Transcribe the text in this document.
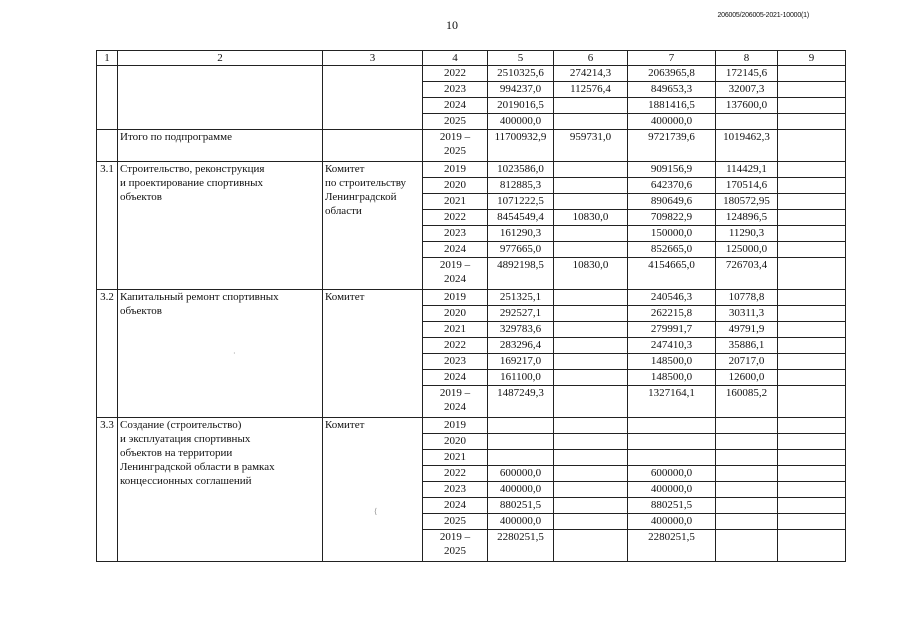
10
206005/206005-2021-10000(1)
1	2	3	4	5	6	7	8	9
			2022	2510325,6	274214,3	2063965,8	172145,6	
			2023	994237,0	112576,4	849653,3	32007,3	
			2024	2019016,5		1881416,5	137600,0	
			2025	400000,0		400000,0		
	Итого по подпрограмме		2019 –
2025	11700932,9	959731,0	9721739,6	1019462,3	
3.1	Строительство, реконструкция
и проектирование спортивных
объектов	Комитет
по строительству
Ленинградской
области	2019	1023586,0		909156,9	114429,1	
			2020	812885,3		642370,6	170514,6	
			2021	1071222,5		890649,6	180572,95	
			2022	8454549,4	10830,0	709822,9	124896,5	
			2023	161290,3		150000,0	11290,3	
			2024	977665,0		852665,0	125000,0	
			2019 –
2024	4892198,5	10830,0	4154665,0	726703,4	
3.2	Капитальный ремонт спортивных
объектов	Комитет	2019	251325,1		240546,3	10778,8	
			2020	292527,1		262215,8	30311,3	
			2021	329783,6		279991,7	49791,9	
			2022	283296,4		247410,3	35886,1	
			2023	169217,0		148500,0	20717,0	
			2024	161100,0		148500,0	12600,0	
			2019 –
2024	1487249,3		1327164,1	160085,2	
3.3	Создание (строительство)
и эксплуатация спортивных
объектов на территории
Ленинградской области в рамках
концессионных соглашений	Комитет	2019					
			2020					
			2021					
			2022	600000,0		600000,0		
			2023	400000,0		400000,0		
			2024	880251,5		880251,5		
			2025	400000,0		400000,0		
			2019 –
2025	2280251,5		2280251,5		
·
⟨
